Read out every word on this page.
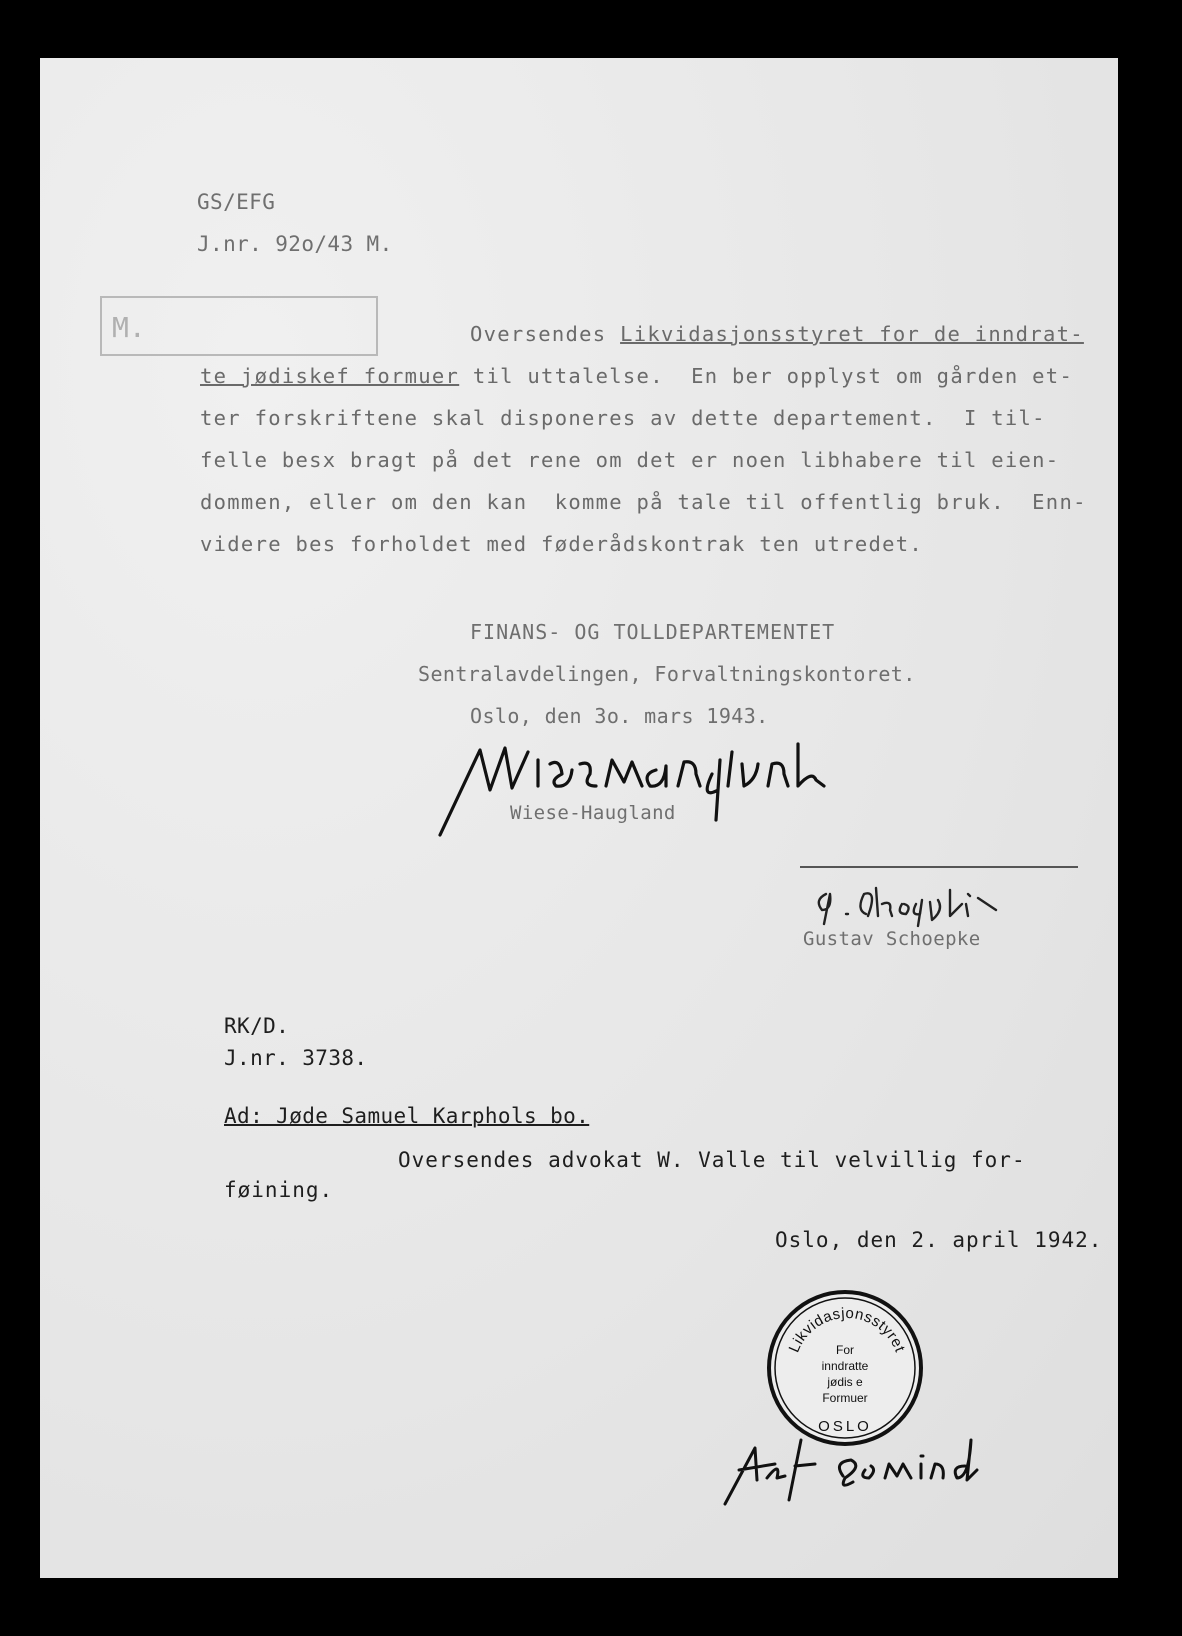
GS/EFG
J.nr. 92o/43 M.
M.	Oversendes Likvidasjonsstyret for de inndrat-
te jødiskef formuer til uttalelse.  En ber opplyst om gården et-
ter forskriftene skal disponeres av dette departement.  I til-
felle besx bragt på det rene om det er noen libhabere til eien-
dommen, eller om den kan  komme på tale til offentlig bruk.  Enn-
videre bes forholdet med føderådskontrak ten utredet.
FINANS- OG TOLLDEPARTEMENTET
Sentralavdelingen, Forvaltningskontoret.
Oslo, den 3o. mars 1943.
Wiese-Haugland
Gustav Schoepke
RK/D.
J.nr. 3738.
Ad: Jøde Samuel Karphols bo.
Oversendes advokat W. Valle til velvillig for-
føining.
Oslo, den 2. april 1942.
Likvidasjonsstyret
For
inndratte
jødis e
Formuer
OSLO
